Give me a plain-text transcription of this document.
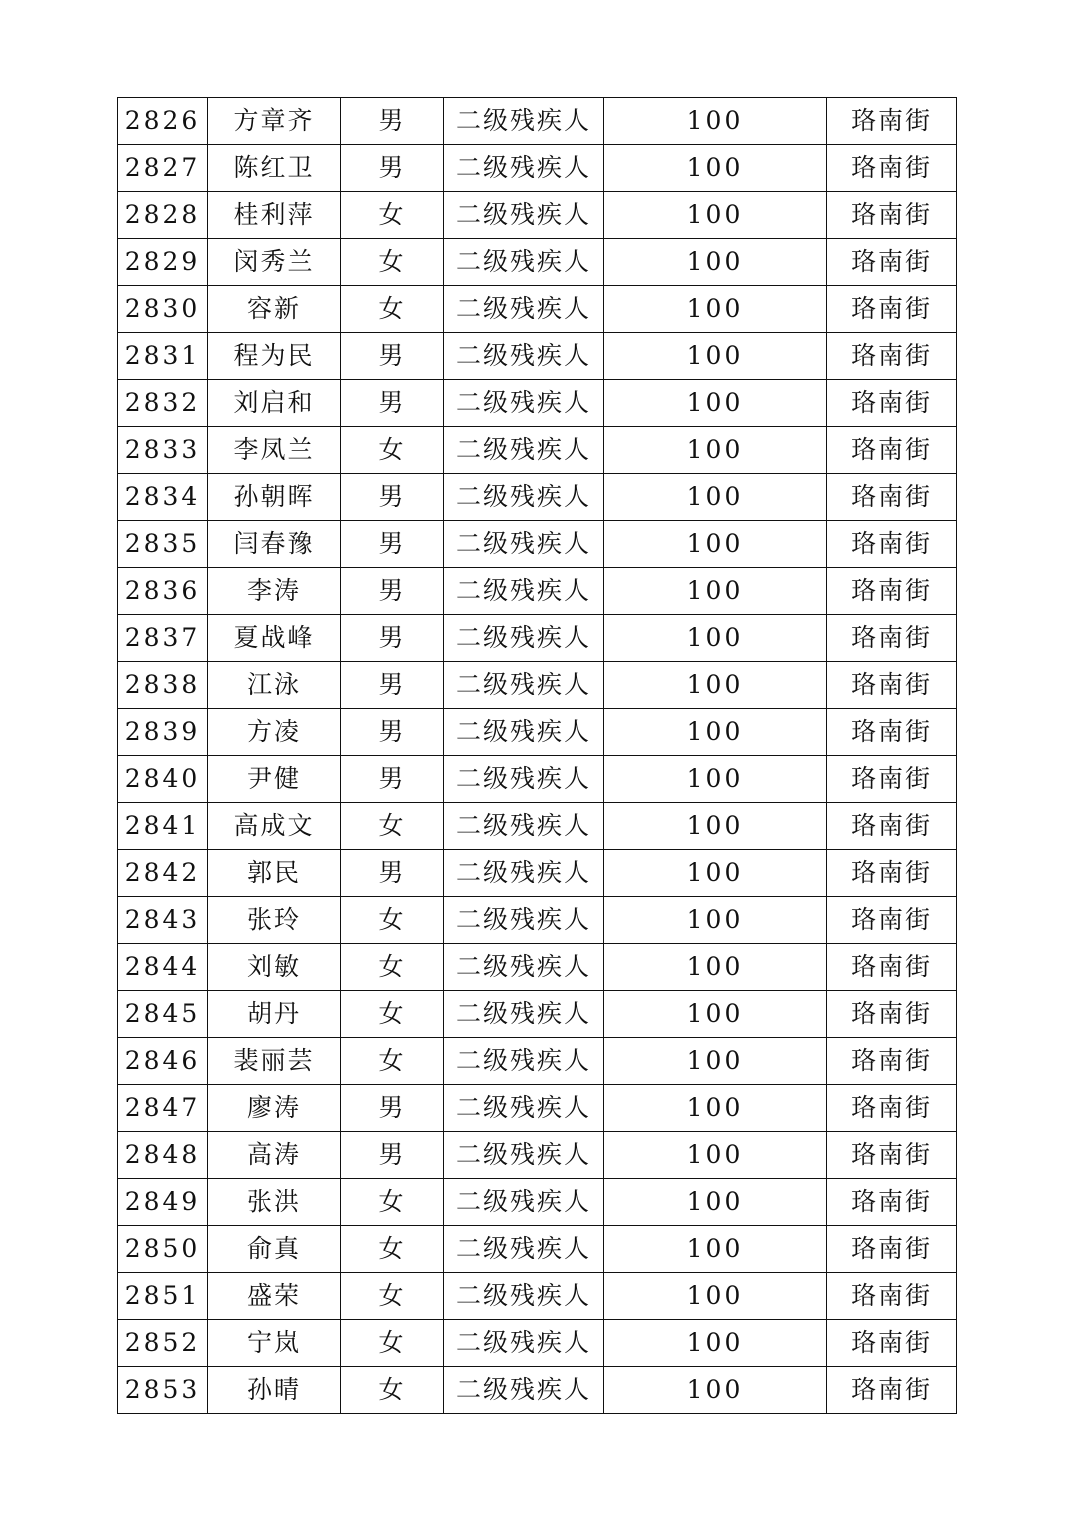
2826	方章齐	男	二级残疾人	100	珞南街
2827	陈红卫	男	二级残疾人	100	珞南街
2828	桂利萍	女	二级残疾人	100	珞南街
2829	闵秀兰	女	二级残疾人	100	珞南街
2830	容新	女	二级残疾人	100	珞南街
2831	程为民	男	二级残疾人	100	珞南街
2832	刘启和	男	二级残疾人	100	珞南街
2833	李凤兰	女	二级残疾人	100	珞南街
2834	孙朝晖	男	二级残疾人	100	珞南街
2835	闫春豫	男	二级残疾人	100	珞南街
2836	李涛	男	二级残疾人	100	珞南街
2837	夏战峰	男	二级残疾人	100	珞南街
2838	江泳	男	二级残疾人	100	珞南街
2839	方凌	男	二级残疾人	100	珞南街
2840	尹健	男	二级残疾人	100	珞南街
2841	高成文	女	二级残疾人	100	珞南街
2842	郭民	男	二级残疾人	100	珞南街
2843	张玲	女	二级残疾人	100	珞南街
2844	刘敏	女	二级残疾人	100	珞南街
2845	胡丹	女	二级残疾人	100	珞南街
2846	裴丽芸	女	二级残疾人	100	珞南街
2847	廖涛	男	二级残疾人	100	珞南街
2848	高涛	男	二级残疾人	100	珞南街
2849	张洪	女	二级残疾人	100	珞南街
2850	俞真	女	二级残疾人	100	珞南街
2851	盛荣	女	二级残疾人	100	珞南街
2852	宁岚	女	二级残疾人	100	珞南街
2853	孙晴	女	二级残疾人	100	珞南街
